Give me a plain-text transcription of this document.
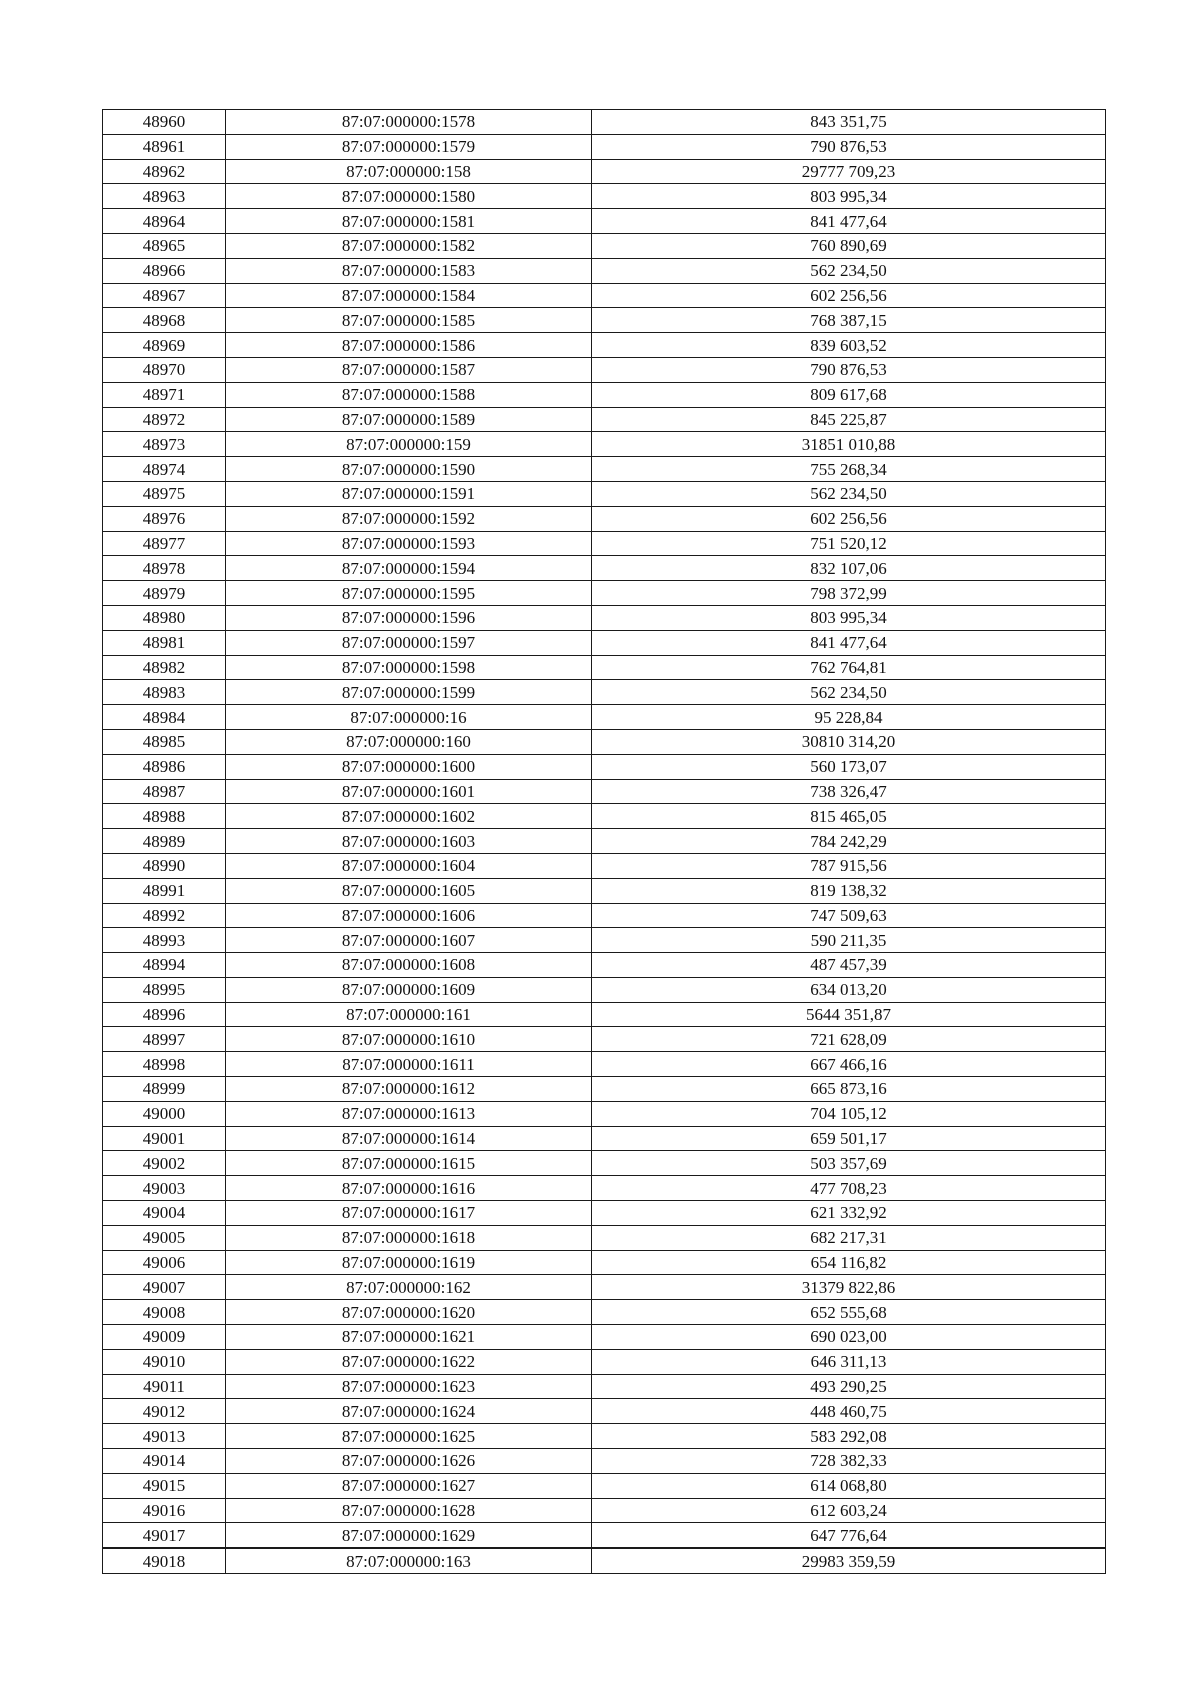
48960	87:07:000000:1578	843 351,75
48961	87:07:000000:1579	790 876,53
48962	87:07:000000:158	29777 709,23
48963	87:07:000000:1580	803 995,34
48964	87:07:000000:1581	841 477,64
48965	87:07:000000:1582	760 890,69
48966	87:07:000000:1583	562 234,50
48967	87:07:000000:1584	602 256,56
48968	87:07:000000:1585	768 387,15
48969	87:07:000000:1586	839 603,52
48970	87:07:000000:1587	790 876,53
48971	87:07:000000:1588	809 617,68
48972	87:07:000000:1589	845 225,87
48973	87:07:000000:159	31851 010,88
48974	87:07:000000:1590	755 268,34
48975	87:07:000000:1591	562 234,50
48976	87:07:000000:1592	602 256,56
48977	87:07:000000:1593	751 520,12
48978	87:07:000000:1594	832 107,06
48979	87:07:000000:1595	798 372,99
48980	87:07:000000:1596	803 995,34
48981	87:07:000000:1597	841 477,64
48982	87:07:000000:1598	762 764,81
48983	87:07:000000:1599	562 234,50
48984	87:07:000000:16	95 228,84
48985	87:07:000000:160	30810 314,20
48986	87:07:000000:1600	560 173,07
48987	87:07:000000:1601	738 326,47
48988	87:07:000000:1602	815 465,05
48989	87:07:000000:1603	784 242,29
48990	87:07:000000:1604	787 915,56
48991	87:07:000000:1605	819 138,32
48992	87:07:000000:1606	747 509,63
48993	87:07:000000:1607	590 211,35
48994	87:07:000000:1608	487 457,39
48995	87:07:000000:1609	634 013,20
48996	87:07:000000:161	5644 351,87
48997	87:07:000000:1610	721 628,09
48998	87:07:000000:1611	667 466,16
48999	87:07:000000:1612	665 873,16
49000	87:07:000000:1613	704 105,12
49001	87:07:000000:1614	659 501,17
49002	87:07:000000:1615	503 357,69
49003	87:07:000000:1616	477 708,23
49004	87:07:000000:1617	621 332,92
49005	87:07:000000:1618	682 217,31
49006	87:07:000000:1619	654 116,82
49007	87:07:000000:162	31379 822,86
49008	87:07:000000:1620	652 555,68
49009	87:07:000000:1621	690 023,00
49010	87:07:000000:1622	646 311,13
49011	87:07:000000:1623	493 290,25
49012	87:07:000000:1624	448 460,75
49013	87:07:000000:1625	583 292,08
49014	87:07:000000:1626	728 382,33
49015	87:07:000000:1627	614 068,80
49016	87:07:000000:1628	612 603,24
49017	87:07:000000:1629	647 776,64
49018	87:07:000000:163	29983 359,59
